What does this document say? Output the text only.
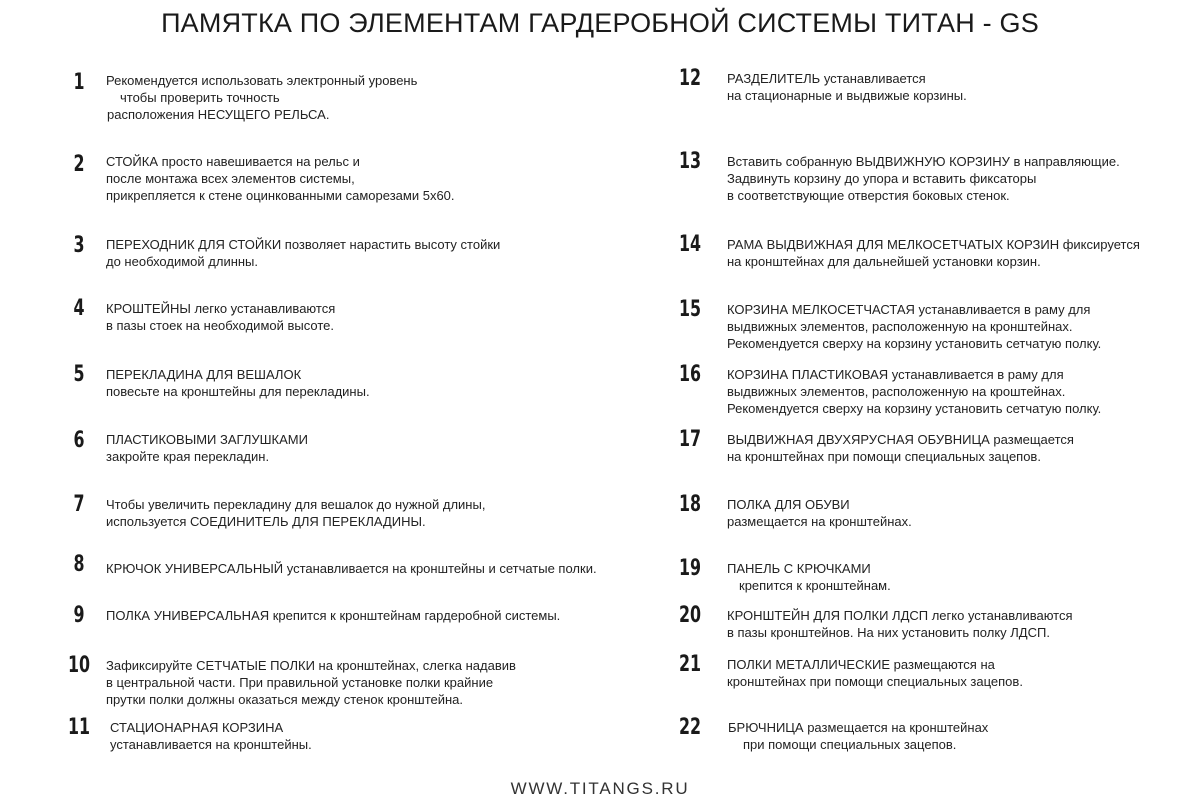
ПАМЯТКА ПО ЭЛЕМЕНТАМ ГАРДЕРОБНОЙ СИСТЕМЫ ТИТАН - GS
1	Рекомендуется использовать электронный уровень
чтобы проверить точность
расположения НЕСУЩЕГО РЕЛЬСА.
2	СТОЙКА просто навешивается на рельс и
после монтажа всех элементов системы,
прикрепляется к стене оцинкованными саморезами 5х60.
3	ПЕРЕХОДНИК ДЛЯ СТОЙКИ позволяет нарастить высоту стойки
до необходимой длинны.
4	КРОШТЕЙНЫ легко устанавливаются
в пазы стоек на необходимой высоте.
5	ПЕРЕКЛАДИНА ДЛЯ ВЕШАЛОК
повесьте на кронштейны для перекладины.
6	ПЛАСТИКОВЫМИ ЗАГЛУШКАМИ
закройте края перекладин.
7	Чтобы увеличить перекладину для вешалок до нужной длины,
используется СОЕДИНИТЕЛЬ ДЛЯ ПЕРЕКЛАДИНЫ.
8	КРЮЧОК УНИВЕРСАЛЬНЫЙ устанавливается на кронштейны и сетчатые полки.
9	ПОЛКА УНИВЕРСАЛЬНАЯ крепится к кронштейнам гардеробной системы.
10	Зафиксируйте СЕТЧАТЫЕ ПОЛКИ на кронштейнах, слегка надавив
в центральной части. При правильной установке полки крайние
прутки полки должны оказаться между стенок кронштейна.
11	СТАЦИОНАРНАЯ КОРЗИНА
устанавливается на кронштейны.
12	РАЗДЕЛИТЕЛЬ устанавливается
на стационарные и выдвижые корзины.
13	Вставить собранную ВЫДВИЖНУЮ КОРЗИНУ в направляющие.
Задвинуть корзину до упора и вставить фиксаторы
в соответствующие отверстия боковых стенок.
14	РАМА ВЫДВИЖНАЯ ДЛЯ МЕЛКОСЕТЧАТЫХ КОРЗИН фиксируется
на кронштейнах для дальнейшей установки корзин.
15	КОРЗИНА МЕЛКОСЕТЧАСТАЯ устанавливается в раму для
выдвижных элементов, расположенную на кронштейнах.
Рекомендуется сверху на корзину установить сетчатую полку.
16	КОРЗИНА ПЛАСТИКОВАЯ устанавливается в раму для
выдвижных элементов, расположенную на кроштейнах.
Рекомендуется сверху на корзину установить сетчатую полку.
17	ВЫДВИЖНАЯ ДВУХЯРУСНАЯ ОБУВНИЦА размещается
на кронштейнах при помощи специальных зацепов.
18	ПОЛКА ДЛЯ ОБУВИ
размещается на кронштейнах.
19	ПАНЕЛЬ С КРЮЧКАМИ
крепится к кронштейнам.
20	КРОНШТЕЙН ДЛЯ ПОЛКИ ЛДСП легко устанавливаются
в пазы кронштейнов. На них установить полку ЛДСП.
21	ПОЛКИ МЕТАЛЛИЧЕСКИЕ размещаются на
кронштейнах при помощи специальных зацепов.
22	БРЮЧНИЦА размещается на кронштейнах
при помощи специальных зацепов.
WWW.TITANGS.RU
